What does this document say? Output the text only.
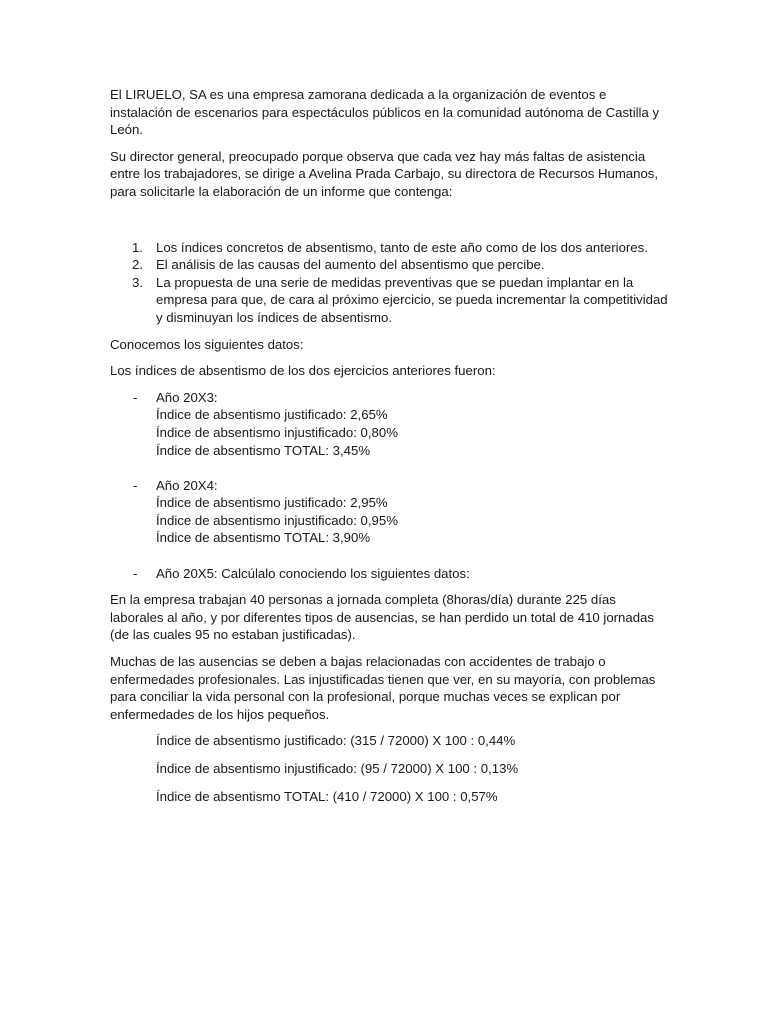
El LIRUELO, SA es una empresa zamorana dedicada a la organización de eventos e instalación de escenarios para espectáculos públicos en la comunidad autónoma de Castilla y León.

Su director general, preocupado porque observa que cada vez hay más faltas de asistencia entre los trabajadores, se dirige a Avelina Prada Carbajo, su directora de Recursos Humanos, para solicitarle la elaboración de un informe que contenga:

1. Los índices concretos de absentismo, tanto de este año como de los dos anteriores.
2. El análisis de las causas del aumento del absentismo que percibe.
3. La propuesta de una serie de medidas preventivas que se puedan implantar en la empresa para que, de cara al próximo ejercicio, se pueda incrementar la competitividad y disminuyan los índices de absentismo.

Conocemos los siguientes datos:

Los índices de absentismo de los dos ejercicios anteriores fueron:

- Año 20X3:
Índice de absentismo justificado: 2,65%
Índice de absentismo injustificado: 0,80%
Índice de absentismo TOTAL: 3,45%
- Año 20X4:
Índice de absentismo justificado: 2,95%
Índice de absentismo injustificado: 0,95%
Índice de absentismo TOTAL: 3,90%
- Año 20X5: Calcúlalo conociendo los siguientes datos:

En la empresa trabajan 40 personas a jornada completa (8horas/día) durante 225 días laborales al año, y por diferentes tipos de ausencias, se han perdido un total de 410 jornadas (de las cuales 95 no estaban justificadas).

Muchas de las ausencias se deben a bajas relacionadas con accidentes de trabajo o enfermedades profesionales. Las injustificadas tienen que ver, en su mayoría, con problemas para conciliar la vida personal con la profesional, porque muchas veces se explican por enfermedades de los hijos pequeños.

Índice de absentismo justificado: (315 / 72000) X 100 : 0,44%

Índice de absentismo injustificado: (95 / 72000) X 100 : 0,13%

Índice de absentismo TOTAL: (410 / 72000) X 100 : 0,57%
